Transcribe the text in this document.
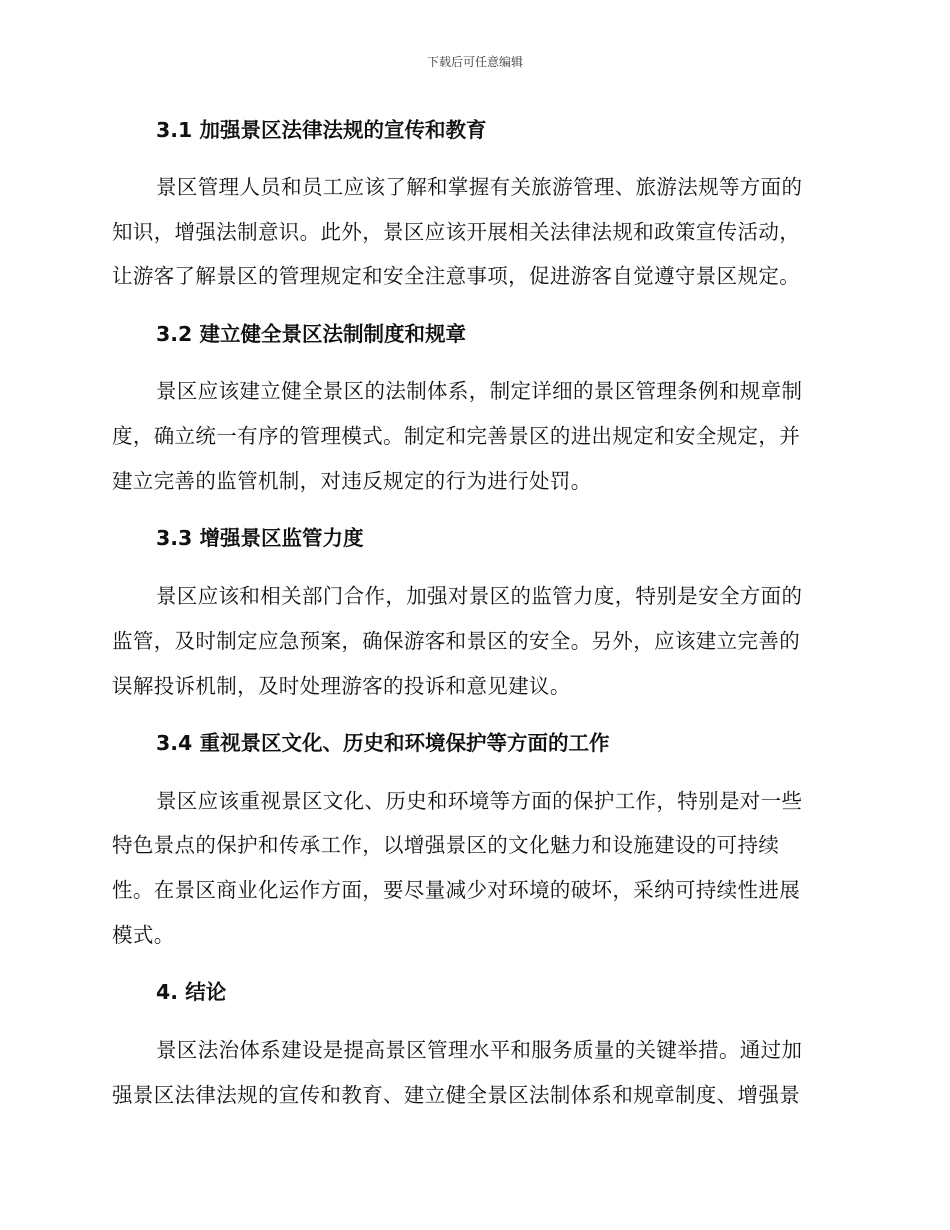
下载后可任意编辑
3.1 加强景区法律法规的宣传和教育
景区管理人员和员工应该了解和掌握有关旅游管理、旅游法规等方面的
知识，增强法制意识。此外，景区应该开展相关法律法规和政策宣传活动，
让游客了解景区的管理规定和安全注意事项，促进游客自觉遵守景区规定。
3.2 建立健全景区法制制度和规章
景区应该建立健全景区的法制体系，制定详细的景区管理条例和规章制
度，确立统一有序的管理模式。制定和完善景区的进出规定和安全规定，并
建立完善的监管机制，对违反规定的行为进行处罚。
3.3 增强景区监管力度
景区应该和相关部门合作，加强对景区的监管力度，特别是安全方面的
监管，及时制定应急预案，确保游客和景区的安全。另外，应该建立完善的
误解投诉机制，及时处理游客的投诉和意见建议。
3.4 重视景区文化、历史和环境保护等方面的工作
景区应该重视景区文化、历史和环境等方面的保护工作，特别是对一些
特色景点的保护和传承工作，以增强景区的文化魅力和设施建设的可持续
性。在景区商业化运作方面，要尽量减少对环境的破坏，采纳可持续性进展
模式。
4. 结论
景区法治体系建设是提高景区管理水平和服务质量的关键举措。通过加
强景区法律法规的宣传和教育、建立健全景区法制体系和规章制度、增强景
